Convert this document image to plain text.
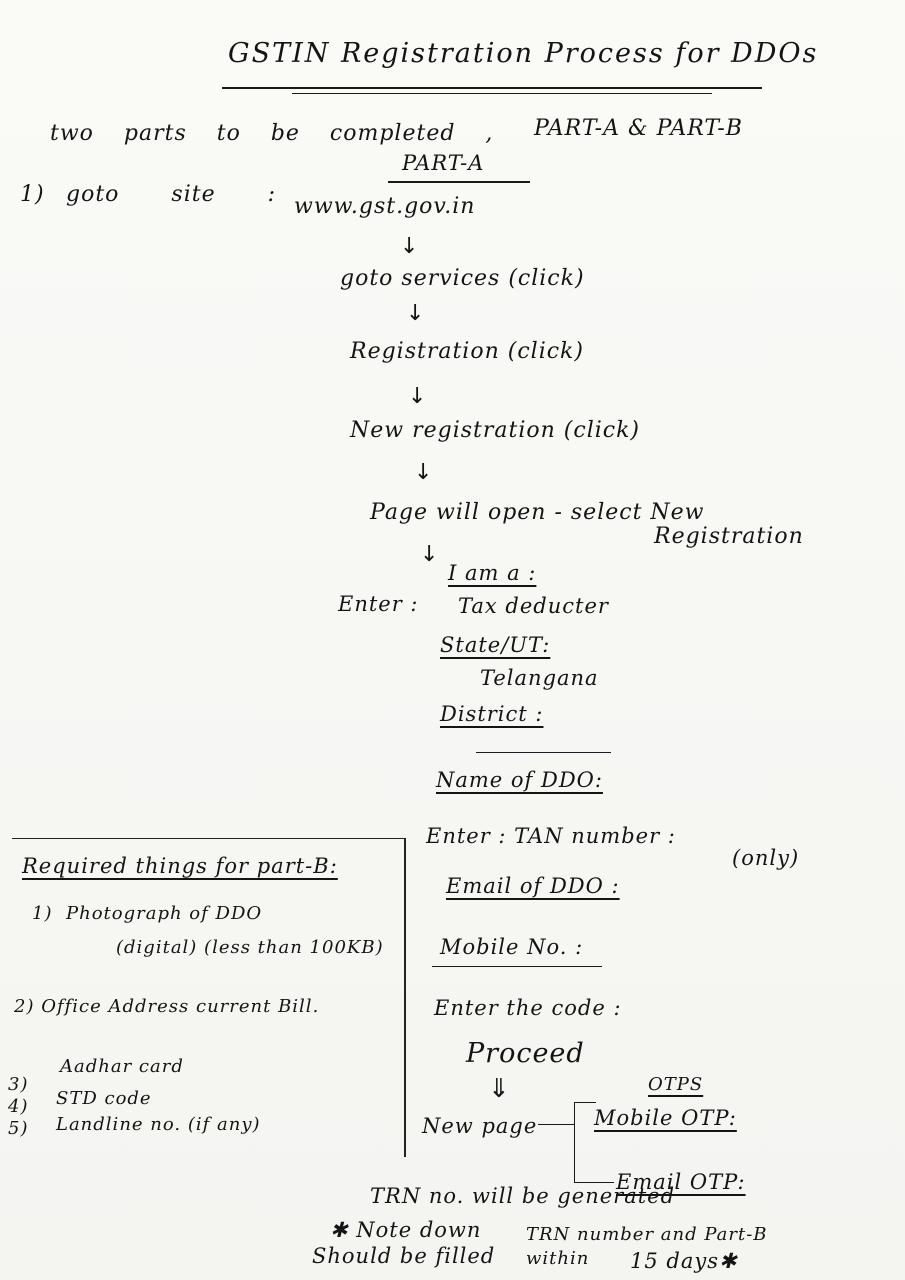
GSTIN Registration Process for DDOs
two parts to be completed , PART-A & PART-B
PART-A
1) goto site : www.gst.gov.in
↓
goto services (click)
↓
Registration (click)
↓
New registration (click)
↓
Page will open - select New
Registration
↓
I am a :
Enter : Tax deducter
State/UT:
Telangana
District :
Name of DDO:
Enter : TAN number :
(only)
Email of DDO :
Mobile No. :
Enter the code :
Proceed
⇓
New page
OTPS
Mobile OTP:
Email OTP:
Required things for part-B:
1) Photograph of DDO
(digital) (less than 100KB)
2) Office Address current Bill.
3)
Aadhar card
4) STD code
5) Landline no. (if any)
TRN no. will be generated
✱ Note down TRN number and Part-B
Should be filled within 15 days✱
